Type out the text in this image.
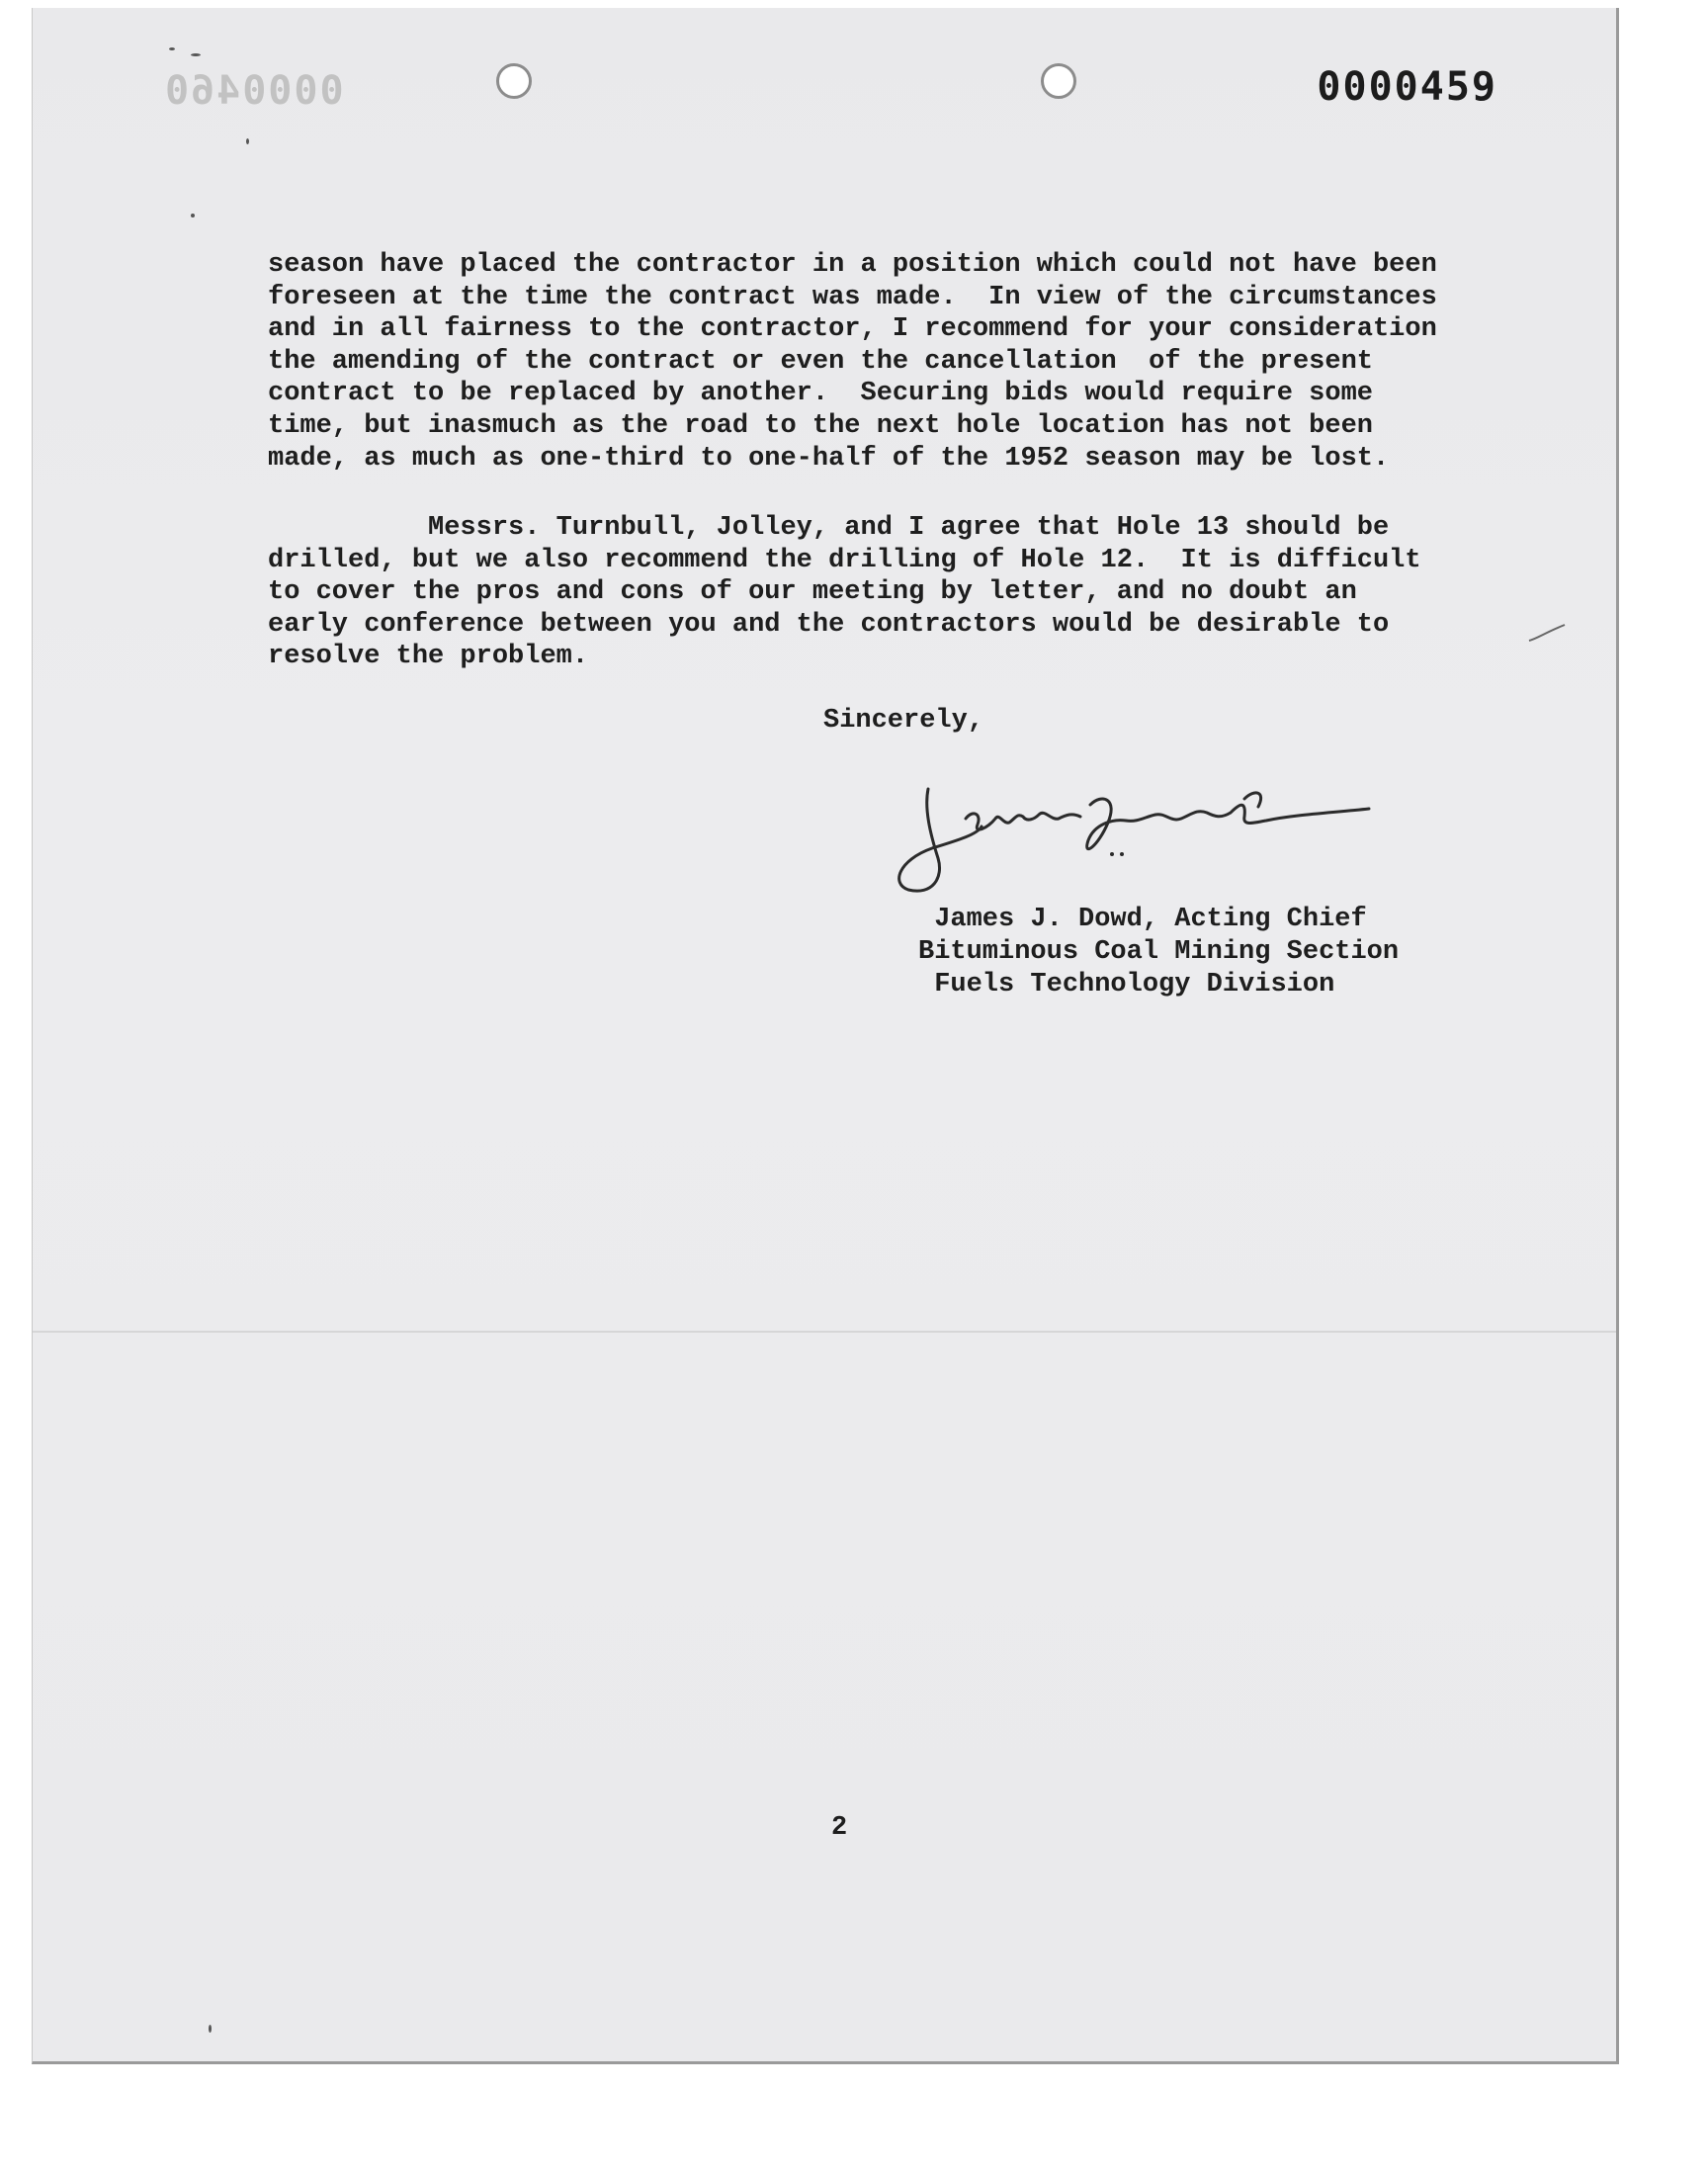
0000460	0000459
season have placed the contractor in a position which could not have been
foreseen at the time the contract was made.  In view of the circumstances
and in all fairness to the contractor, I recommend for your consideration
the amending of the contract or even the cancellation  of the present
contract to be replaced by another.  Securing bids would require some
time, but inasmuch as the road to the next hole location has not been
made, as much as one-third to one-half of the 1952 season may be lost.
Messrs. Turnbull, Jolley, and I agree that Hole 13 should be
drilled, but we also recommend the drilling of Hole 12.  It is difficult
to cover the pros and cons of our meeting by letter, and no doubt an
early conference between you and the contractors would be desirable to
resolve the problem.
Sincerely,
James J. Dowd, Acting Chief
Bituminous Coal Mining Section
Fuels Technology Division
2
